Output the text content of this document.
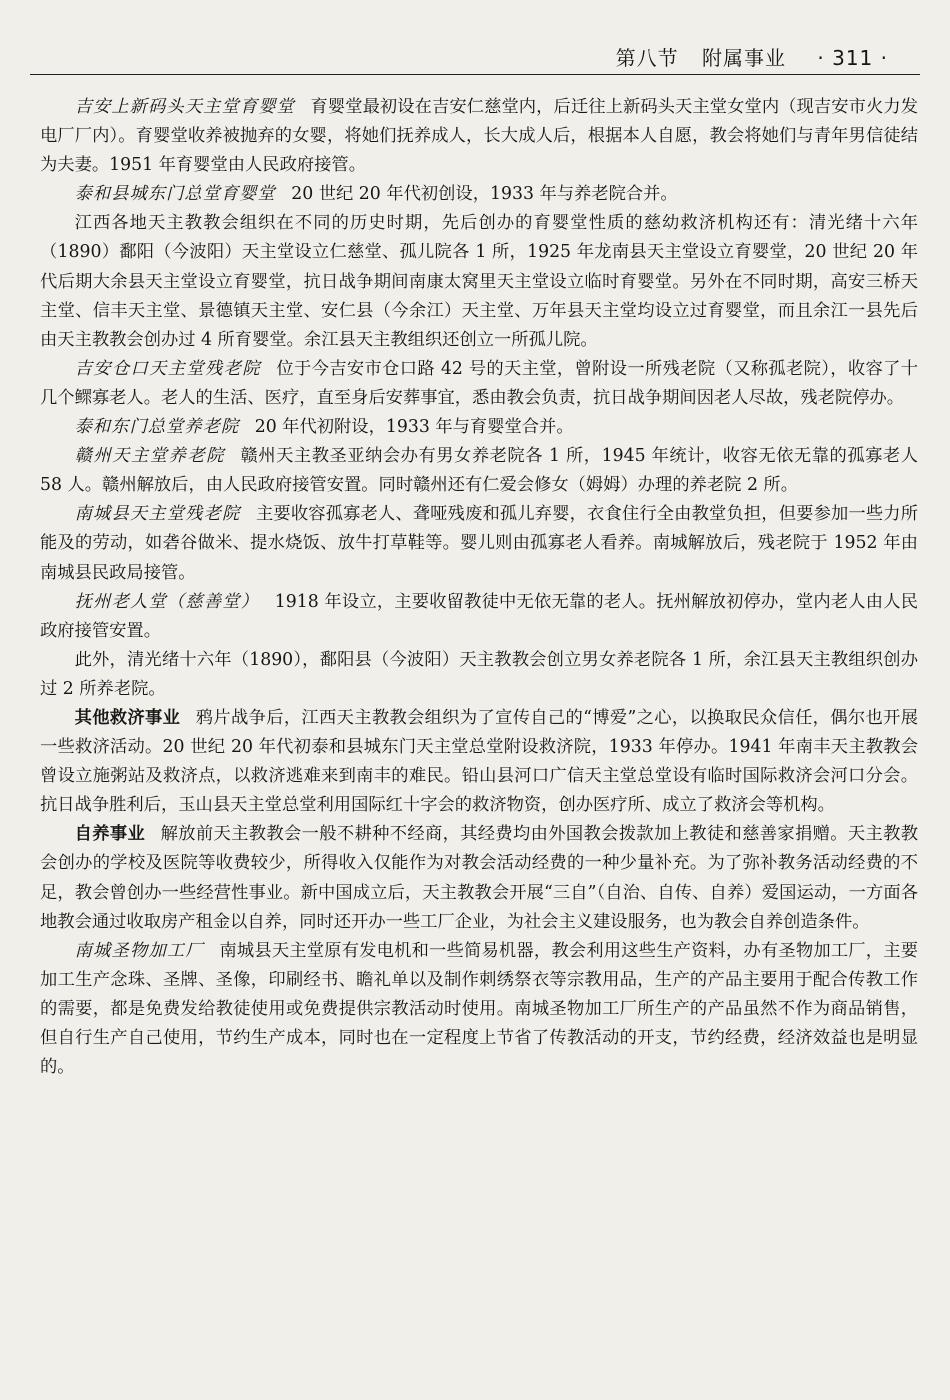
第八节 附属事业 · 311 ·

吉安上新码头天主堂育婴堂 育婴堂最初设在吉安仁慈堂内，后迁往上新码头天主堂女堂内（现吉安市火力发电厂厂内）。育婴堂收养被抛弃的女婴，将她们抚养成人，长大成人后，根据本人自愿，教会将她们与青年男信徒结为夫妻。1951 年育婴堂由人民政府接管。

泰和县城东门总堂育婴堂 20 世纪 20 年代初创设，1933 年与养老院合并。

江西各地天主教教会组织在不同的历史时期，先后创办的育婴堂性质的慈幼救济机构还有：清光绪十六年（1890）鄱阳（今波阳）天主堂设立仁慈堂、孤儿院各 1 所，1925 年龙南县天主堂设立育婴堂，20 世纪 20 年代后期大余县天主堂设立育婴堂，抗日战争期间南康太窝里天主堂设立临时育婴堂。另外在不同时期，高安三桥天主堂、信丰天主堂、景德镇天主堂、安仁县（今余江）天主堂、万年县天主堂均设立过育婴堂，而且余江一县先后由天主教教会创办过 4 所育婴堂。余江县天主教组织还创立一所孤儿院。

吉安仓口天主堂残老院 位于今吉安市仓口路 42 号的天主堂，曾附设一所残老院（又称孤老院），收容了十几个鳏寡老人。老人的生活、医疗，直至身后安葬事宜，悉由教会负责，抗日战争期间因老人尽故，残老院停办。

泰和东门总堂养老院 20 年代初附设，1933 年与育婴堂合并。

赣州天主堂养老院 赣州天主教圣亚纳会办有男女养老院各 1 所，1945 年统计，收容无依无靠的孤寡老人 58 人。赣州解放后，由人民政府接管安置。同时赣州还有仁爱会修女（姆姆）办理的养老院 2 所。

南城县天主堂残老院 主要收容孤寡老人、聋哑残废和孤儿弃婴，衣食住行全由教堂负担，但要参加一些力所能及的劳动，如砻谷做米、提水烧饭、放牛打草鞋等。婴儿则由孤寡老人看养。南城解放后，残老院于 1952 年由南城县民政局接管。

抚州老人堂（慈善堂） 1918 年设立，主要收留教徒中无依无靠的老人。抚州解放初停办，堂内老人由人民政府接管安置。

此外，清光绪十六年（1890），鄱阳县（今波阳）天主教教会创立男女养老院各 1 所，余江县天主教组织创办过 2 所养老院。

其他救济事业 鸦片战争后，江西天主教教会组织为了宣传自己的“博爱”之心，以换取民众信任，偶尔也开展一些救济活动。20 世纪 20 年代初泰和县城东门天主堂总堂附设救济院，1933 年停办。1941 年南丰天主教教会曾设立施粥站及救济点，以救济逃难来到南丰的难民。铅山县河口广信天主堂总堂设有临时国际救济会河口分会。抗日战争胜利后，玉山县天主堂总堂利用国际红十字会的救济物资，创办医疗所、成立了救济会等机构。

自养事业 解放前天主教教会一般不耕种不经商，其经费均由外国教会拨款加上教徒和慈善家捐赠。天主教教会创办的学校及医院等收费较少，所得收入仅能作为对教会活动经费的一种少量补充。为了弥补教务活动经费的不足，教会曾创办一些经营性事业。新中国成立后，天主教教会开展“三自”（自治、自传、自养）爱国运动，一方面各地教会通过收取房产租金以自养，同时还开办一些工厂企业，为社会主义建设服务，也为教会自养创造条件。

南城圣物加工厂 南城县天主堂原有发电机和一些简易机器，教会利用这些生产资料，办有圣物加工厂，主要加工生产念珠、圣牌、圣像，印刷经书、瞻礼单以及制作刺绣祭衣等宗教用品，生产的产品主要用于配合传教工作的需要，都是免费发给教徒使用或免费提供宗教活动时使用。南城圣物加工厂所生产的产品虽然不作为商品销售，但自行生产自己使用，节约生产成本，同时也在一定程度上节省了传教活动的开支，节约经费，经济效益也是明显的。
